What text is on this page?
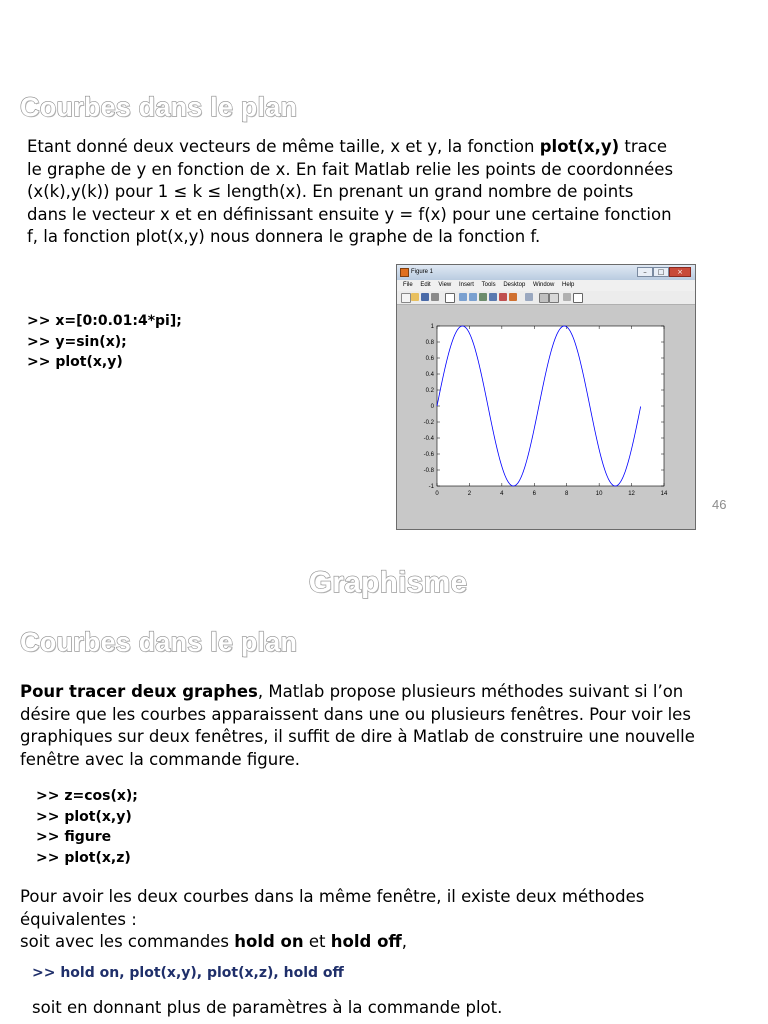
Courbes dans le plan
Etant donné deux vecteurs de même taille, x et y, la fonction plot(x,y) trace le graphe de y en fonction de x. En fait Matlab relie les points de coordonnées (x(k),y(k)) pour 1 ≤ k ≤ length(x). En prenant un grand nombre de points dans le vecteur x et en définissant ensuite y = f(x) pour une certaine fonction f, la fonction plot(x,y) nous donnera le graphe de la fonction f.
>> x=[0:0.01:4*pi];
>> y=sin(x);
>> plot(x,y)
Figure 1	–	□	×
File Edit View Insert Tools Desktop Window Help
0	2	4	6	8	10	12	14
1
0.8
0.6
0.4
0.2
0
-0.2
-0.4
-0.6
-0.8
-1
46
Graphisme
Courbes dans le plan
Pour tracer deux graphes, Matlab propose plusieurs méthodes suivant si l’on désire que les courbes apparaissent dans une ou plusieurs fenêtres. Pour voir les graphiques sur deux fenêtres, il suffit de dire à Matlab de construire une nouvelle fenêtre avec la commande figure.
>> z=cos(x);
>> plot(x,y)
>> figure
>> plot(x,z)
Pour avoir les deux courbes dans la même fenêtre, il existe deux méthodes équivalentes :
soit avec les commandes hold on et hold off,
>> hold on, plot(x,y), plot(x,z), hold off
soit en donnant plus de paramètres à la commande plot.
